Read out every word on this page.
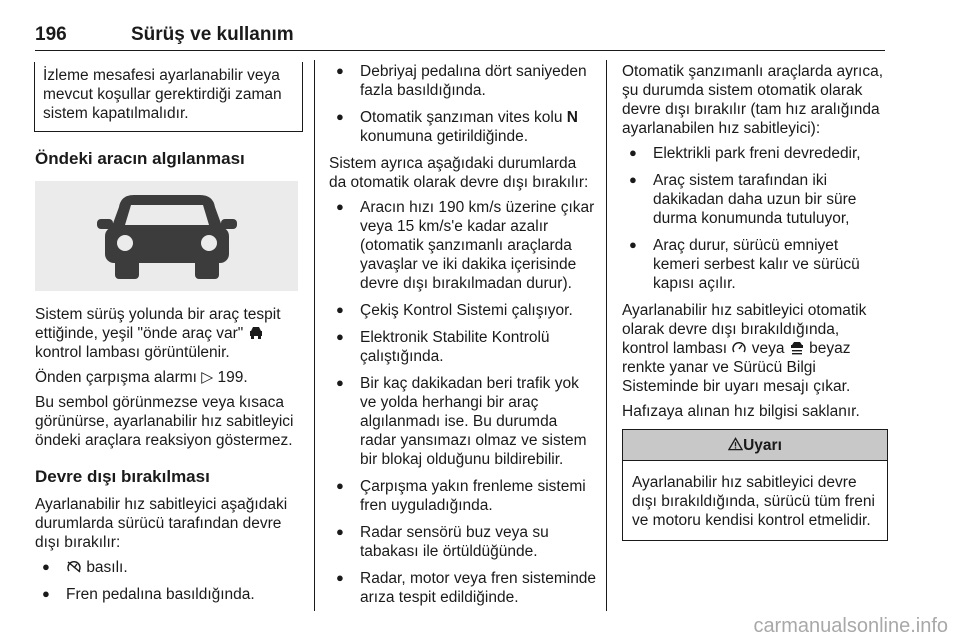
196	Sürüş ve kullanım
İzleme mesafesi ayarlanabilir veya mevcut koşullar gerektirdiği zaman sistem kapatılmalıdır.
Öndeki aracın algılanması

Sistem sürüş yolunda bir araç tespit ettiğinde, yeşil "önde araç var"  kontrol lambası görüntülenir.

Önden çarpışma alarmı ▷ 199.

Bu sembol görünmezse veya kısaca görünürse, ayarlanabilir hız sabitleyici öndeki araçlara reaksiyon göstermez.

Devre dışı bırakılması

Ayarlanabilir hız sabitleyici aşağıdaki durumlarda sürücü tarafından devre dışı bırakılır:

● basılı.
● Fren pedalına basıldığında.
● Debriyaj pedalına dört saniyeden fazla basıldığında.
● Otomatik şanzıman vites kolu N konumuna getirildiğinde.

Sistem ayrıca aşağıdaki durumlarda da otomatik olarak devre dışı bırakılır:

● Aracın hızı 190 km/s üzerine çıkar veya 15 km/s'e kadar azalır (otomatik şanzımanlı araçlarda yavaşlar ve iki dakika içerisinde devre dışı bırakılmadan durur).
● Çekiş Kontrol Sistemi çalışıyor.
● Elektronik Stabilite Kontrolü çalıştığında.
● Bir kaç dakikadan beri trafik yok ve yolda herhangi bir araç algılanmadı ise. Bu durumda radar yansımazı olmaz ve sistem bir blokaj olduğunu bildirebilir.
● Çarpışma yakın frenleme sistemi fren uyguladığında.
● Radar sensörü buz veya su tabakası ile örtüldüğünde.
● Radar, motor veya fren sisteminde arıza tespit edildiğinde.

Otomatik şanzımanlı araçlarda ayrıca, şu durumda sistem otomatik olarak devre dışı bırakılır (tam hız aralığında ayarlanabilen hız sabitleyici):

● Elektrikli park freni devrededir,
● Araç sistem tarafından iki dakikadan daha uzun bir süre durma konumunda tutuluyor,
● Araç durur, sürücü emniyet kemeri serbest kalır ve sürücü kapısı açılır.

Ayarlanabilir hız sabitleyici otomatik olarak devre dışı bırakıldığında, kontrol lambası veya beyaz renkte yanar ve Sürücü Bilgi Sisteminde bir uyarı mesajı çıkar.

Hafızaya alınan hız bilgisi saklanır.

Uyarı
Ayarlanabilir hız sabitleyici devre dışı bırakıldığında, sürücü tüm freni ve motoru kendisi kontrol etmelidir.
carmanualsonline.info
